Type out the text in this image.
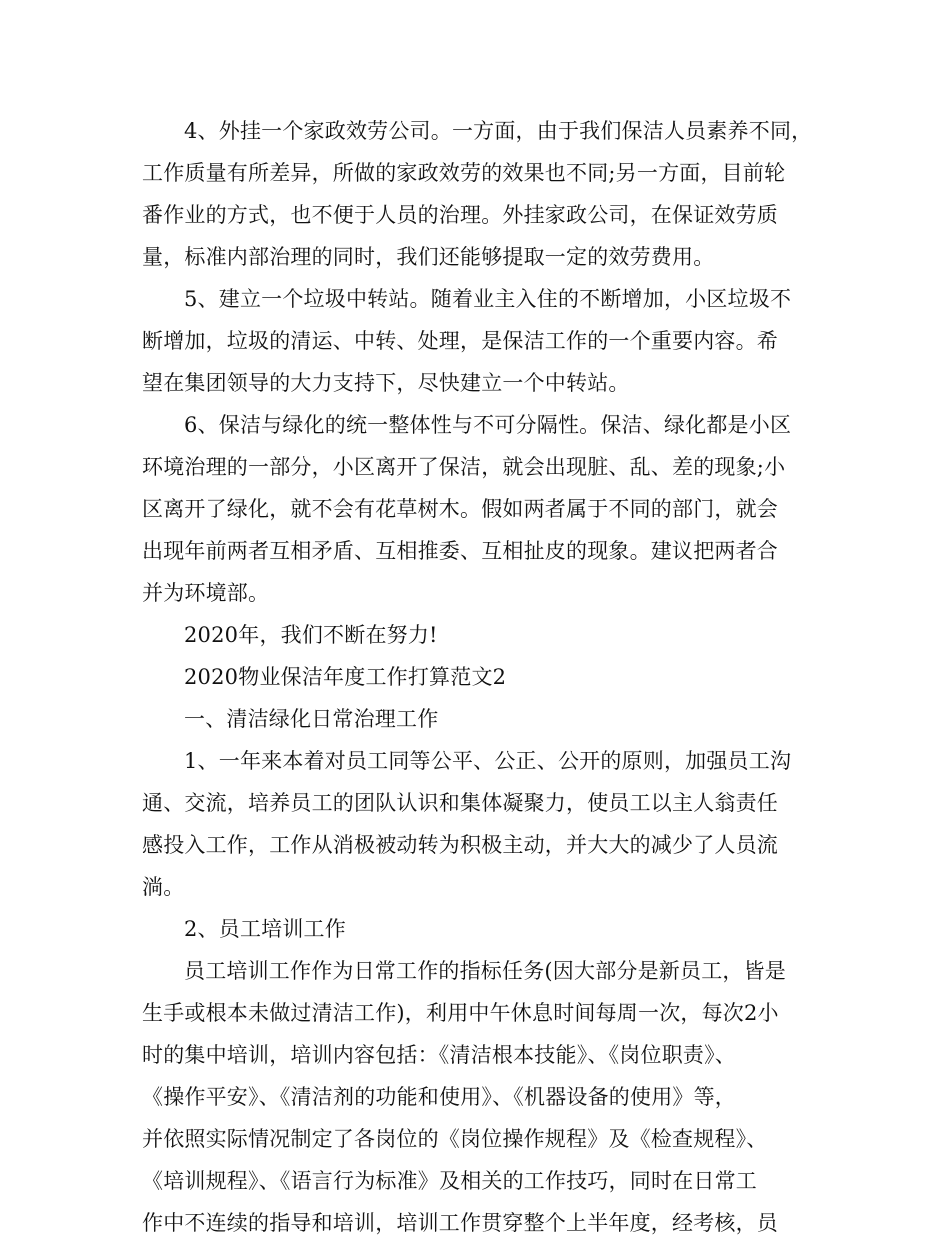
4、外挂一个家政效劳公司。一方面，由于我们保洁人员素养不同，
工作质量有所差异，所做的家政效劳的效果也不同;另一方面，目前轮
番作业的方式，也不便于人员的治理。外挂家政公司，在保证效劳质
量，标准内部治理的同时，我们还能够提取一定的效劳费用。
5、建立一个垃圾中转站。随着业主入住的不断增加，小区垃圾不
断增加，垃圾的清运、中转、处理，是保洁工作的一个重要内容。希
望在集团领导的大力支持下，尽快建立一个中转站。
6、保洁与绿化的统一整体性与不可分隔性。保洁、绿化都是小区
环境治理的一部分，小区离开了保洁，就会出现脏、乱、差的现象;小
区离开了绿化，就不会有花草树木。假如两者属于不同的部门，就会
出现年前两者互相矛盾、互相推委、互相扯皮的现象。建议把两者合
并为环境部。
2020年，我们不断在努力!
2020物业保洁年度工作打算范文2
一、清洁绿化日常治理工作
1、一年来本着对员工同等公平、公正、公开的原则，加强员工沟
通、交流，培养员工的团队认识和集体凝聚力，使员工以主人翁责任
感投入工作，工作从消极被动转为积极主动，并大大的减少了人员流
淌。
2、员工培训工作
员工培训工作作为日常工作的指标任务(因大部分是新员工，皆是
生手或根本未做过清洁工作)，利用中午休息时间每周一次，每次2小
时的集中培训，培训内容包括：《清洁根本技能》、《岗位职责》、
《操作平安》、《清洁剂的功能和使用》、《机器设备的使用》等，
并依照实际情况制定了各岗位的《岗位操作规程》及《检查规程》、
《培训规程》、《语言行为标准》及相关的工作技巧，同时在日常工
作中不连续的指导和培训，培训工作贯穿整个上半年度，经考核，员
